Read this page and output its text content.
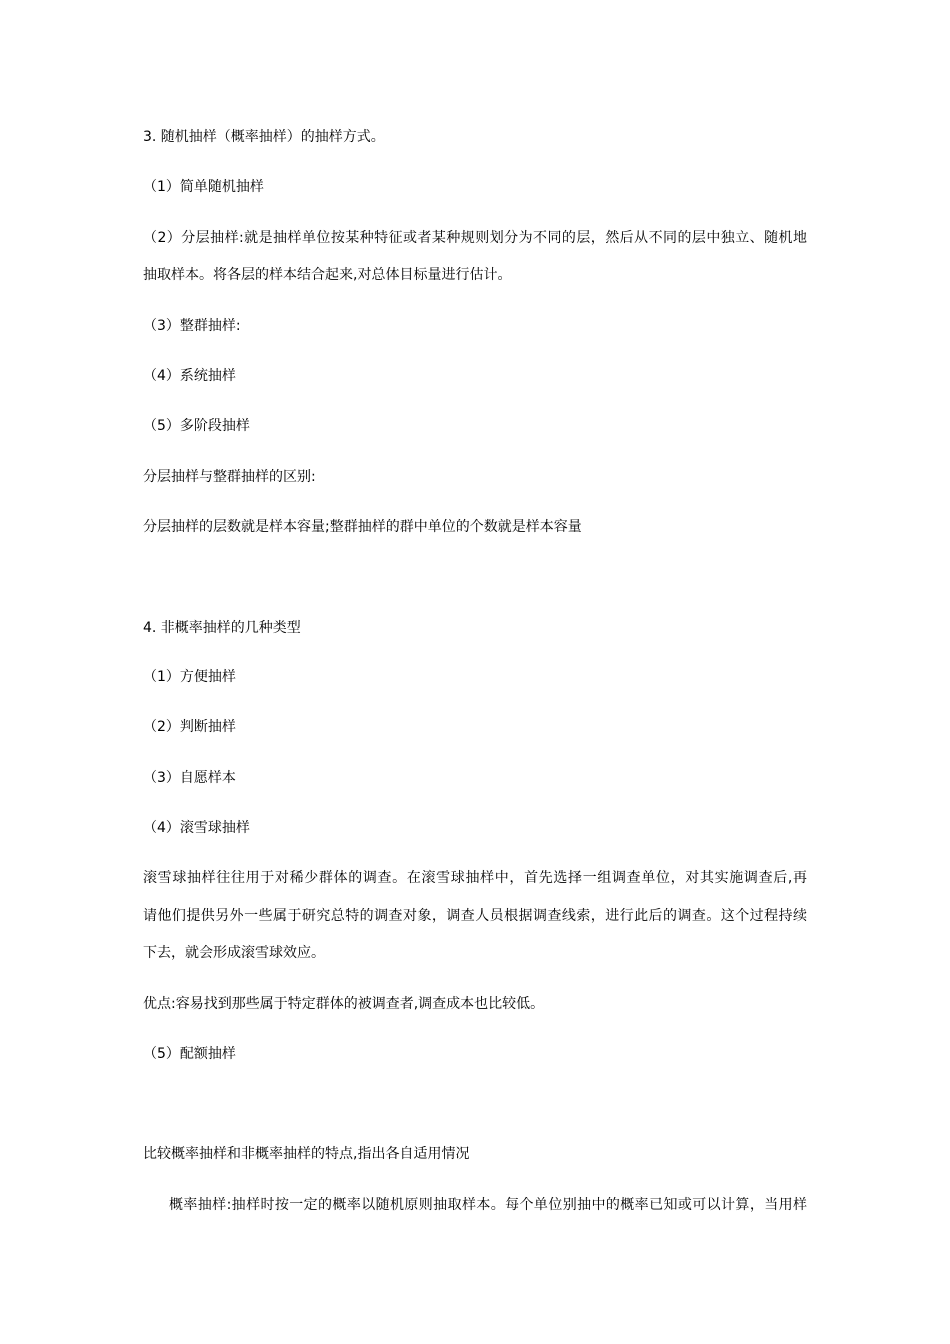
3. 随机抽样（概率抽样）的抽样方式。
（1）简单随机抽样
（2）分层抽样:就是抽样单位按某种特征或者某种规则划分为不同的层，然后从不同的层中独立、随机地
抽取样本。将各层的样本结合起来,对总体目标量进行估计。
（3）整群抽样:
（4）系统抽样
（5）多阶段抽样
分层抽样与整群抽样的区别:
分层抽样的层数就是样本容量;整群抽样的群中单位的个数就是样本容量
4. 非概率抽样的几种类型
（1）方便抽样
（2）判断抽样
（3）自愿样本
（4）滚雪球抽样
滚雪球抽样往往用于对稀少群体的调查。在滚雪球抽样中，首先选择一组调查单位，对其实施调查后,再
请他们提供另外一些属于研究总特的调查对象，调查人员根据调查线索，进行此后的调查。这个过程持续
下去，就会形成滚雪球效应。
优点:容易找到那些属于特定群体的被调查者,调查成本也比较低。
（5）配额抽样
比较概率抽样和非概率抽样的特点,指出各自适用情况
概率抽样:抽样时按一定的概率以随机原则抽取样本。每个单位别抽中的概率已知或可以计算，当用样
